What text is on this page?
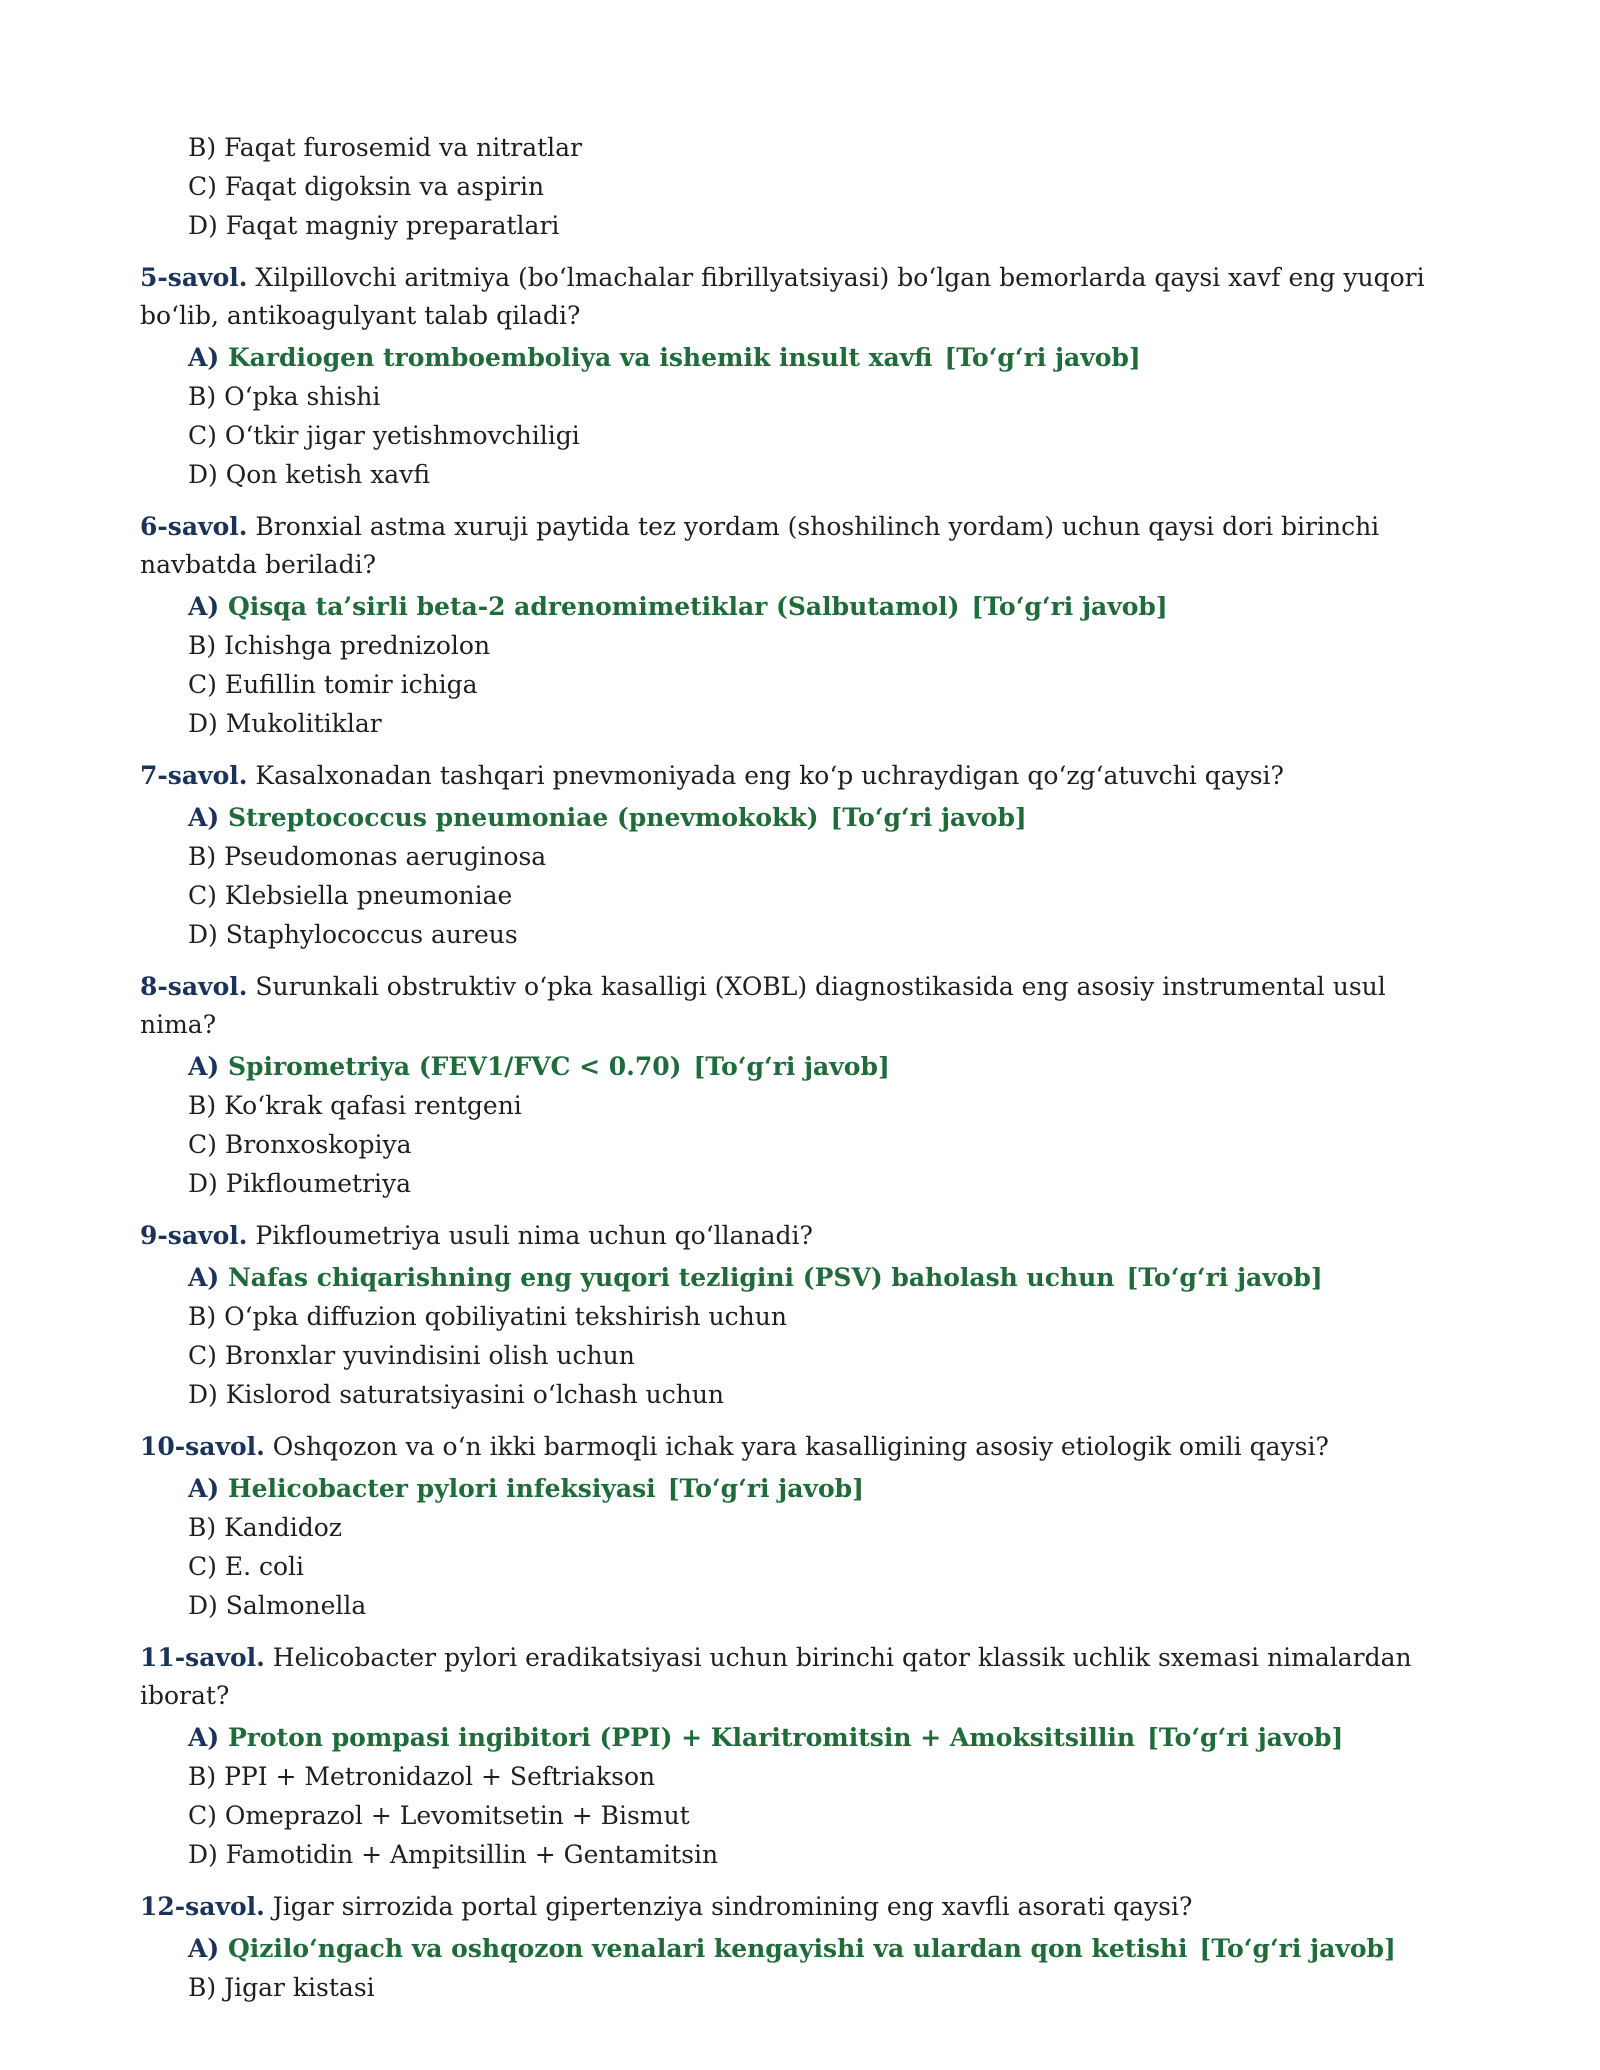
B) Faqat furosemid va nitratlar
C) Faqat digoksin va aspirin
D) Faqat magniy preparatlari
5-savol. Xilpillovchi aritmiya (bo‘lmachalar fibrillyatsiyasi) bo‘lgan bemorlarda qaysi xavf eng yuqori bo‘lib, antikoagulyant talab qiladi?
A) Kardiogen tromboemboliya va ishemik insult xavfi [To‘g‘ri javob]
B) O‘pka shishi
C) O‘tkir jigar yetishmovchiligi
D) Qon ketish xavfi
6-savol. Bronxial astma xuruji paytida tez yordam (shoshilinch yordam) uchun qaysi dori birinchi navbatda beriladi?
A) Qisqa ta’sirli beta-2 adrenomimetiklar (Salbutamol) [To‘g‘ri javob]
B) Ichishga prednizolon
C) Eufillin tomir ichiga
D) Mukolitiklar
7-savol. Kasalxonadan tashqari pnevmoniyada eng ko‘p uchraydigan qo‘zg‘atuvchi qaysi?
A) Streptococcus pneumoniae (pnevmokokk) [To‘g‘ri javob]
B) Pseudomonas aeruginosa
C) Klebsiella pneumoniae
D) Staphylococcus aureus
8-savol. Surunkali obstruktiv o‘pka kasalligi (XOBL) diagnostikasida eng asosiy instrumental usul nima?
A) Spirometriya (FEV1/FVC < 0.70) [To‘g‘ri javob]
B) Ko‘krak qafasi rentgeni
C) Bronxoskopiya
D) Pikfloumetriya
9-savol. Pikfloumetriya usuli nima uchun qo‘llanadi?
A) Nafas chiqarishning eng yuqori tezligini (PSV) baholash uchun [To‘g‘ri javob]
B) O‘pka diffuzion qobiliyatini tekshirish uchun
C) Bronxlar yuvindisini olish uchun
D) Kislorod saturatsiyasini o‘lchash uchun
10-savol. Oshqozon va o‘n ikki barmoqli ichak yara kasalligining asosiy etiologik omili qaysi?
A) Helicobacter pylori infeksiyasi [To‘g‘ri javob]
B) Kandidoz
C) E. coli
D) Salmonella
11-savol. Helicobacter pylori eradikatsiyasi uchun birinchi qator klassik uchlik sxemasi nimalardan iborat?
A) Proton pompasi ingibitori (PPI) + Klaritromitsin + Amoksitsillin [To‘g‘ri javob]
B) PPI + Metronidazol + Seftriakson
C) Omeprazol + Levomitsetin + Bismut
D) Famotidin + Ampitsillin + Gentamitsin
12-savol. Jigar sirrozida portal gipertenziya sindromining eng xavfli asorati qaysi?
A) Qizilo‘ngach va oshqozon venalari kengayishi va ulardan qon ketishi [To‘g‘ri javob]
B) Jigar kistasi
